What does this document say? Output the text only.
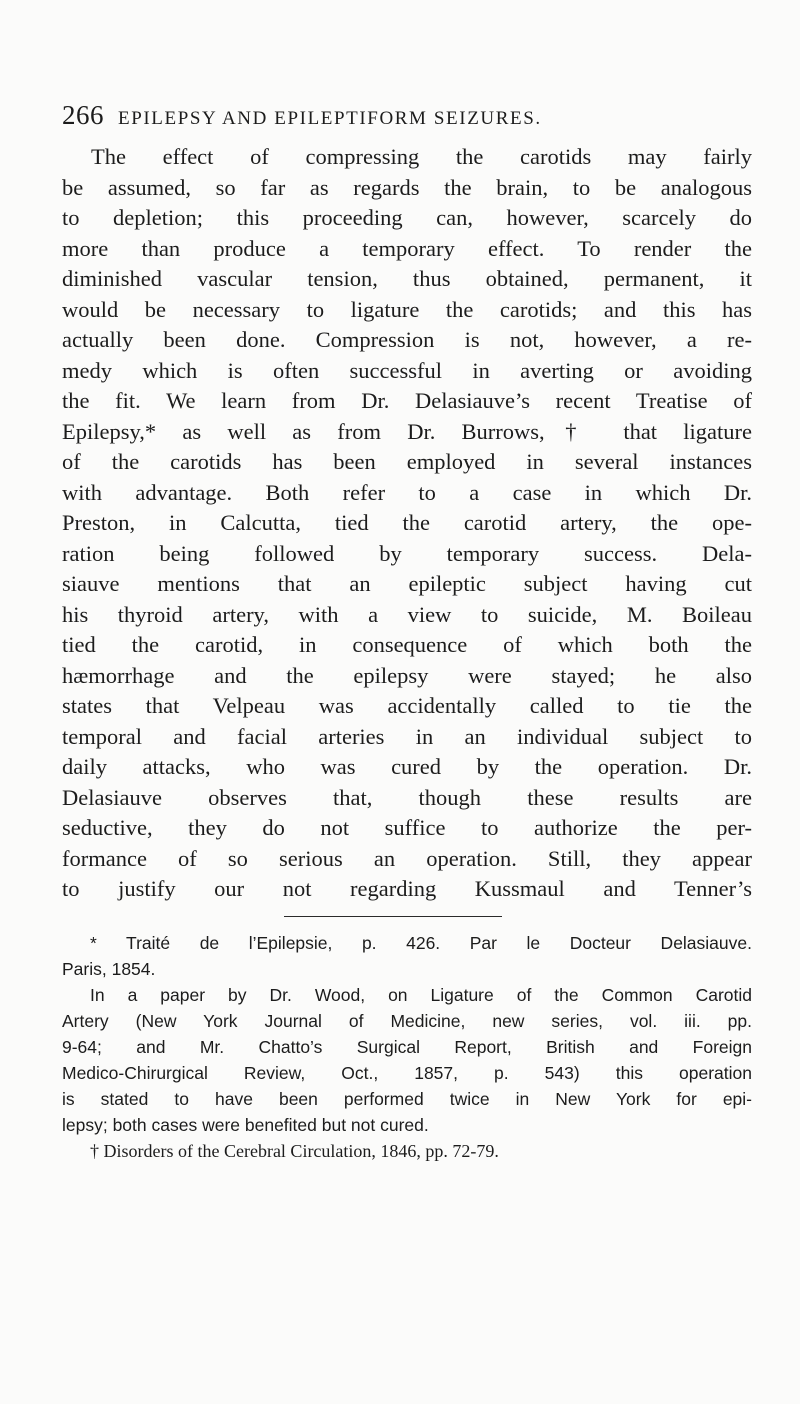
266 EPILEPSY AND EPILEPTIFORM SEIZURES.
The effect of compressing the carotids may fairly
be assumed, so far as regards the brain, to be analogous
to depletion; this proceeding can, however, scarcely do
more than produce a temporary effect. To render the
diminished vascular tension, thus obtained, permanent, it
would be necessary to ligature the carotids; and this has
actually been done. Compression is not, however, a re-
medy which is often successful in averting or avoiding
the fit. We learn from Dr. Delasiauve’s recent Treatise of
Epilepsy,* as well as from Dr. Burrows,† that ligature
of the carotids has been employed in several instances
with advantage. Both refer to a case in which Dr.
Preston, in Calcutta, tied the carotid artery, the ope-
ration being followed by temporary success. Dela-
siauve mentions that an epileptic subject having cut
his thyroid artery, with a view to suicide, M. Boileau
tied the carotid, in consequence of which both the
hæmorrhage and the epilepsy were stayed; he also
states that Velpeau was accidentally called to tie the
temporal and facial arteries in an individual subject to
daily attacks, who was cured by the operation. Dr.
Delasiauve observes that, though these results are
seductive, they do not suffice to authorize the per-
formance of so serious an operation. Still, they appear
to justify our not regarding Kussmaul and Tenner’s
* Traité de l’Epilepsie, p. 426. Par le Docteur Delasiauve.
Paris, 1854.
In a paper by Dr. Wood, on Ligature of the Common Carotid
Artery (New York Journal of Medicine, new series, vol. iii. pp.
9-64; and Mr. Chatto’s Surgical Report, British and Foreign
Medico-Chirurgical Review, Oct., 1857, p. 543) this operation
is stated to have been performed twice in New York for epi-
lepsy; both cases were benefited but not cured.
† Disorders of the Cerebral Circulation, 1846, pp. 72-79.
